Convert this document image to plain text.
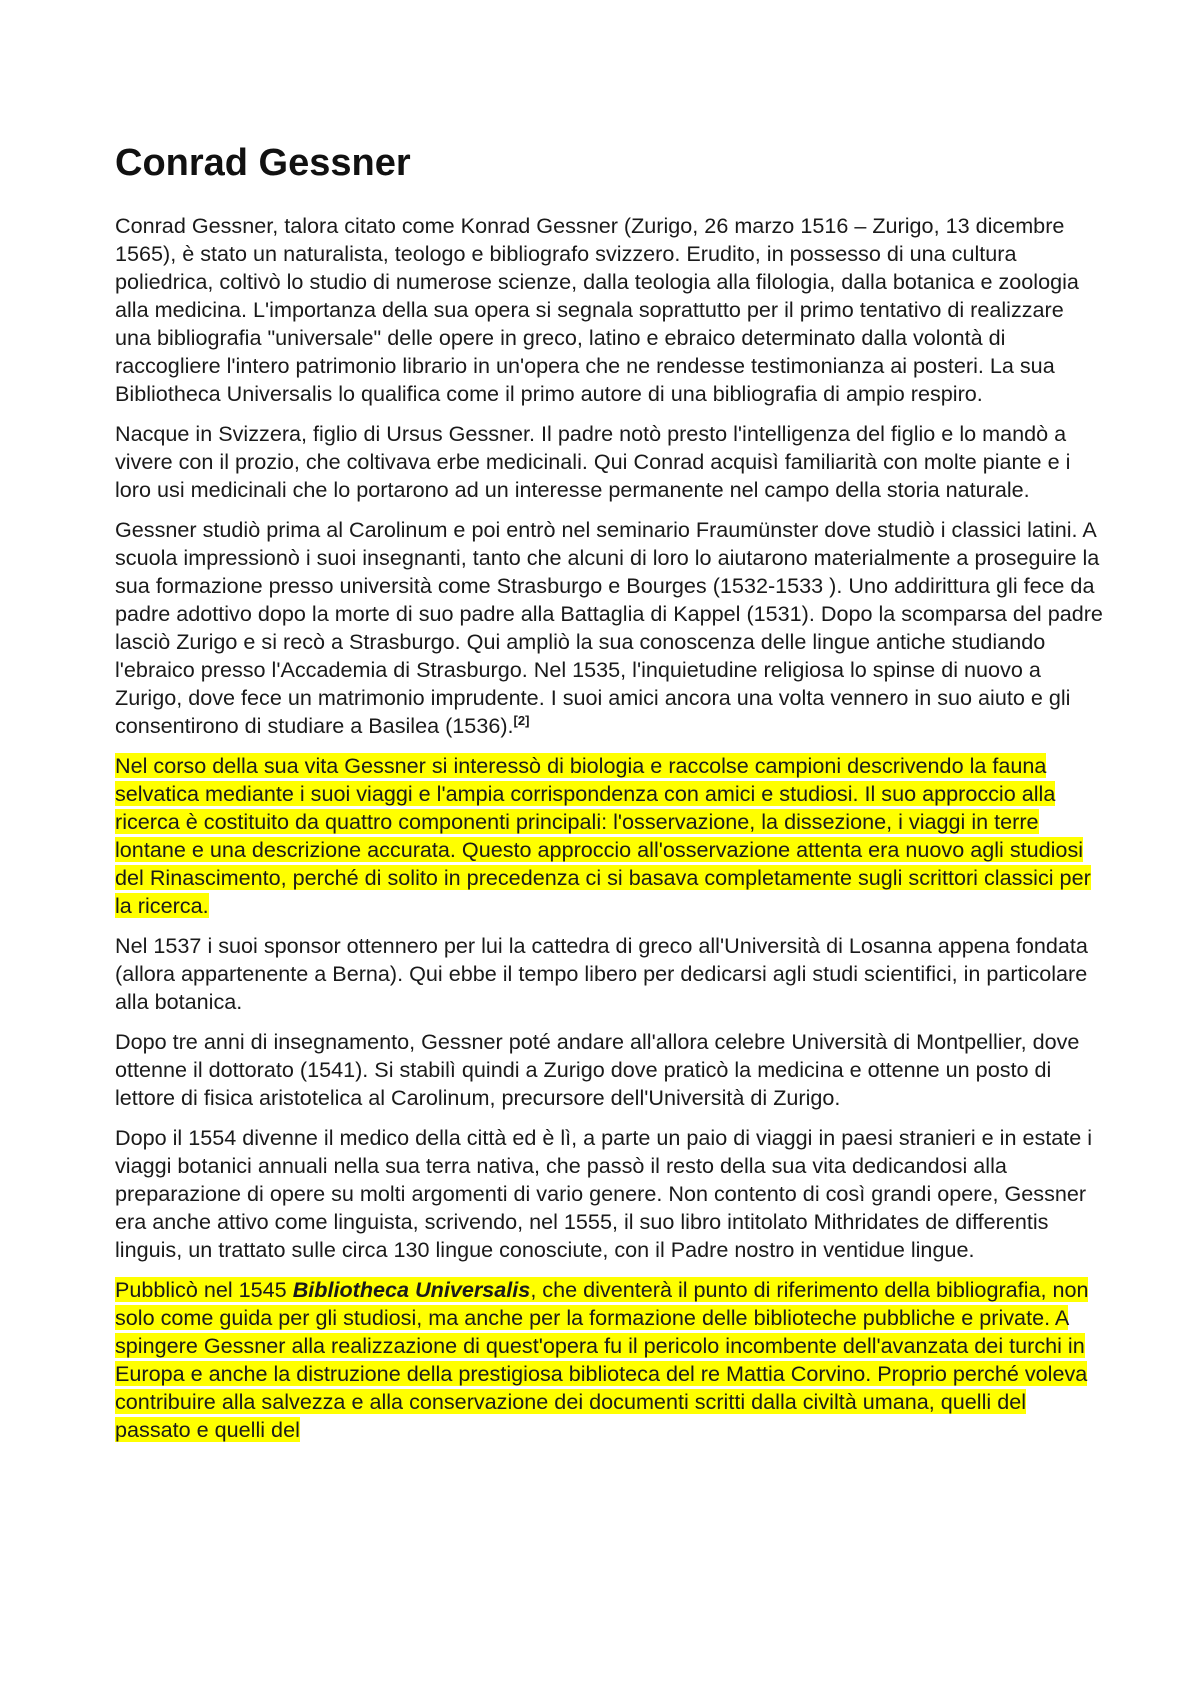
Conrad Gessner

Conrad Gessner, talora citato come Konrad Gessner (Zurigo, 26 marzo 1516 – Zurigo, 13 dicembre 1565), è stato un naturalista, teologo e bibliografo svizzero. Erudito, in possesso di una cultura poliedrica, coltivò lo studio di numerose scienze, dalla teologia alla filologia, dalla botanica e zoologia alla medicina. L'importanza della sua opera si segnala soprattutto per il primo tentativo di realizzare una bibliografia "universale" delle opere in greco, latino e ebraico determinato dalla volontà di raccogliere l'intero patrimonio librario in un'opera che ne rendesse testimonianza ai posteri. La sua Bibliotheca Universalis lo qualifica come il primo autore di una bibliografia di ampio respiro.

Nacque in Svizzera, figlio di Ursus Gessner. Il padre notò presto l'intelligenza del figlio e lo mandò a vivere con il prozio, che coltivava erbe medicinali. Qui Conrad acquisì familiarità con molte piante e i loro usi medicinali che lo portarono ad un interesse permanente nel campo della storia naturale.

Gessner studiò prima al Carolinum e poi entrò nel seminario Fraumünster dove studiò i classici latini. A scuola impressionò i suoi insegnanti, tanto che alcuni di loro lo aiutarono materialmente a proseguire la sua formazione presso università come Strasburgo e Bourges (1532-1533 ). Uno addirittura gli fece da padre adottivo dopo la morte di suo padre alla Battaglia di Kappel (1531). Dopo la scomparsa del padre lasciò Zurigo e si recò a Strasburgo. Qui ampliò la sua conoscenza delle lingue antiche studiando l'ebraico presso l'Accademia di Strasburgo. Nel 1535, l'inquietudine religiosa lo spinse di nuovo a Zurigo, dove fece un matrimonio imprudente. I suoi amici ancora una volta vennero in suo aiuto e gli consentirono di studiare a Basilea (1536).[2]

Nel corso della sua vita Gessner si interessò di biologia e raccolse campioni descrivendo la fauna selvatica mediante i suoi viaggi e l'ampia corrispondenza con amici e studiosi. Il suo approccio alla ricerca è costituito da quattro componenti principali: l'osservazione, la dissezione, i viaggi in terre lontane e una descrizione accurata. Questo approccio all'osservazione attenta era nuovo agli studiosi del Rinascimento, perché di solito in precedenza ci si basava completamente sugli scrittori classici per la ricerca.

Nel 1537 i suoi sponsor ottennero per lui la cattedra di greco all'Università di Losanna appena fondata (allora appartenente a Berna). Qui ebbe il tempo libero per dedicarsi agli studi scientifici, in particolare alla botanica.

Dopo tre anni di insegnamento, Gessner poté andare all'allora celebre Università di Montpellier, dove ottenne il dottorato (1541). Si stabilì quindi a Zurigo dove praticò la medicina e ottenne un posto di lettore di fisica aristotelica al Carolinum, precursore dell'Università di Zurigo.

Dopo il 1554 divenne il medico della città ed è lì, a parte un paio di viaggi in paesi stranieri e in estate i viaggi botanici annuali nella sua terra nativa, che passò il resto della sua vita dedicandosi alla preparazione di opere su molti argomenti di vario genere. Non contento di così grandi opere, Gessner era anche attivo come linguista, scrivendo, nel 1555, il suo libro intitolato Mithridates de differentis linguis, un trattato sulle circa 130 lingue conosciute, con il Padre nostro in ventidue lingue.

Pubblicò nel 1545 Bibliotheca Universalis, che diventerà il punto di riferimento della bibliografia, non solo come guida per gli studiosi, ma anche per la formazione delle biblioteche pubbliche e private. A spingere Gessner alla realizzazione di quest'opera fu il pericolo incombente dell'avanzata dei turchi in Europa e anche la distruzione della prestigiosa biblioteca del re Mattia Corvino. Proprio perché voleva contribuire alla salvezza e alla conservazione dei documenti scritti dalla civiltà umana, quelli del passato e quelli del
